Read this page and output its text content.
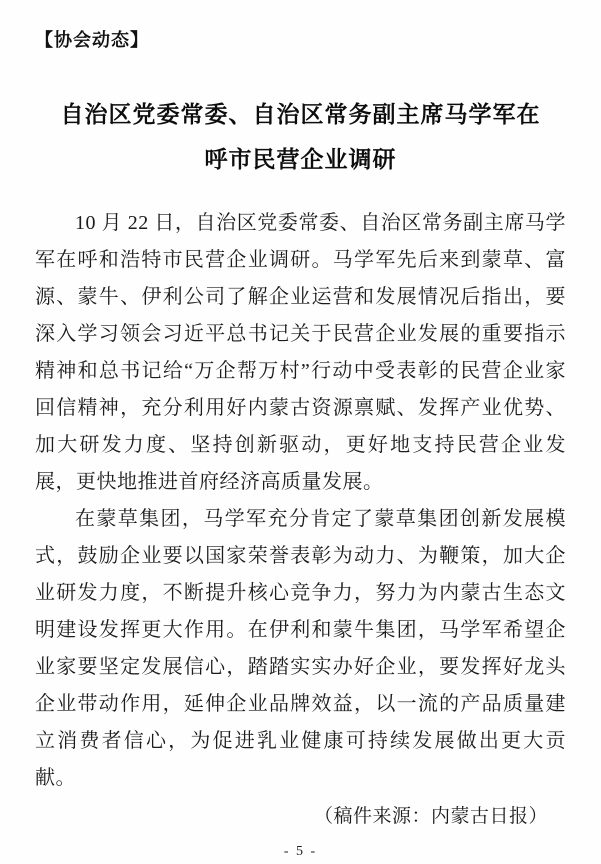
【协会动态】
自治区党委常委、自治区常务副主席马学军在
呼市民营企业调研

10 月 22 日，自治区党委常委、自治区常务副主席马学军在呼和浩特市民营企业调研。马学军先后来到蒙草、富源、蒙牛、伊利公司了解企业运营和发展情况后指出，要深入学习领会习近平总书记关于民营企业发展的重要指示精神和总书记给“万企帮万村”行动中受表彰的民营企业家回信精神，充分利用好内蒙古资源禀赋、发挥产业优势、加大研发力度、坚持创新驱动，更好地支持民营企业发展，更快地推进首府经济高质量发展。

在蒙草集团，马学军充分肯定了蒙草集团创新发展模式，鼓励企业要以国家荣誉表彰为动力、为鞭策，加大企业研发力度，不断提升核心竞争力，努力为内蒙古生态文明建设发挥更大作用。在伊利和蒙牛集团，马学军希望企业家要坚定发展信心，踏踏实实办好企业，要发挥好龙头企业带动作用，延伸企业品牌效益，以一流的产品质量建立消费者信心，为促进乳业健康可持续发展做出更大贡献。

（稿件来源：内蒙古日报）
- 5 -
